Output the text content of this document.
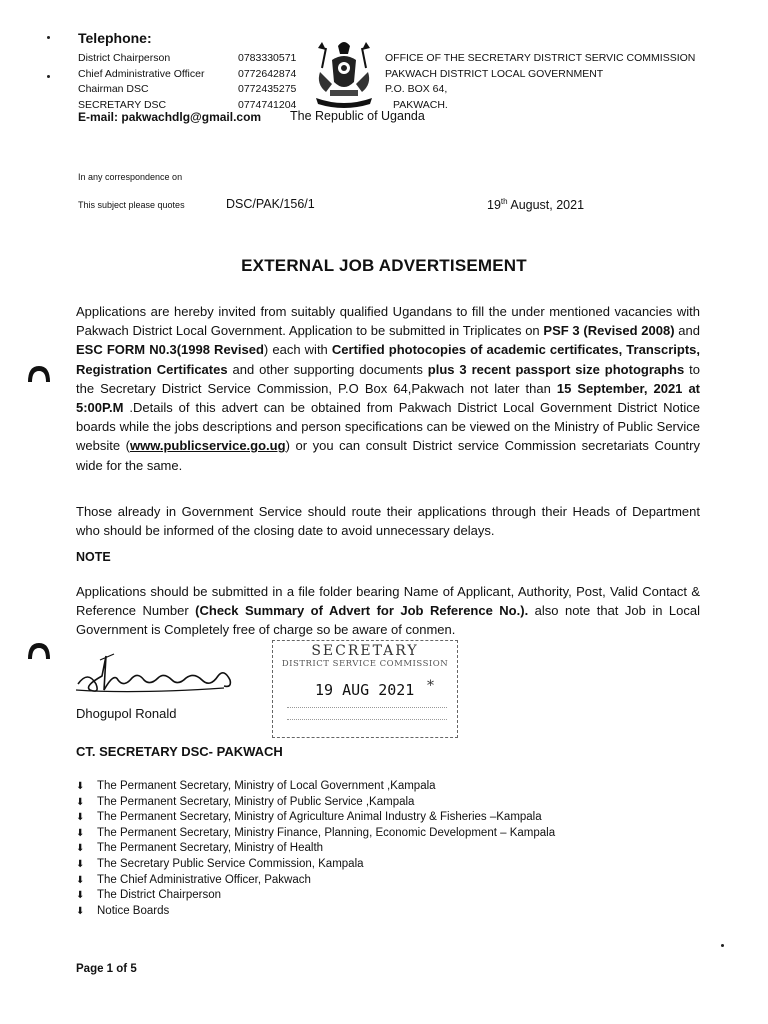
Telephone:
District Chairperson	0783330571
Chief Administrative Officer	0772642874
Chairman DSC	0772435275
SECRETARY DSC	0774741204
E-mail: pakwachdlg@gmail.com
OFFICE OF THE SECRETARY DISTRICT SERVIC COMMISSION
PAKWACH DISTRICT LOCAL GOVERNMENT
P.O. BOX 64,
PAKWACH.
The Republic of Uganda
In any correspondence on
This subject please quotes	DSC/PAK/156/1	19th August, 2021
EXTERNAL JOB ADVERTISEMENT
Applications are hereby invited from suitably qualified Ugandans to fill the under mentioned vacancies with Pakwach District Local Government. Application to be submitted in Triplicates on PSF 3 (Revised 2008) and ESC FORM N0.3(1998 Revised) each with Certified photocopies of academic certificates, Transcripts, Registration Certificates and other supporting documents plus 3 recent passport size photographs to the Secretary District Service Commission, P.O Box 64,Pakwach not later than 15 September, 2021 at 5:00P.M .Details of this advert can be obtained from Pakwach District Local Government District Notice boards while the jobs descriptions and person specifications can be viewed on the Ministry of Public Service website (www.publicservice.go.ug) or you can consult District service Commission secretariats Country wide for the same.
Those already in Government Service should route their applications through their Heads of Department who should be informed of the closing date to avoid unnecessary delays.
NOTE
Applications should be submitted in a file folder bearing Name of Applicant, Authority, Post, Valid Contact & Reference Number (Check Summary of Advert for Job Reference No.). also note that Job in Local Government is Completely free of charge so be aware of conmen.
Dhogupol Ronald
SECRETARY
DISTRICT SERVICE COMMISSION
19 AUG 2021 *
CT. SECRETARY DSC- PAKWACH
⬇	The Permanent Secretary, Ministry of Local Government ,Kampala
⬇	The Permanent Secretary, Ministry of Public Service ,Kampala
⬇	The Permanent Secretary, Ministry of Agriculture Animal Industry & Fisheries –Kampala
⬇	The Permanent Secretary, Ministry Finance, Planning, Economic Development – Kampala
⬇	The Permanent Secretary, Ministry of Health
⬇	The Secretary Public Service Commission, Kampala
⬇	The Chief Administrative Officer, Pakwach
⬇	The District Chairperson
⬇	Notice Boards
Page 1 of 5
